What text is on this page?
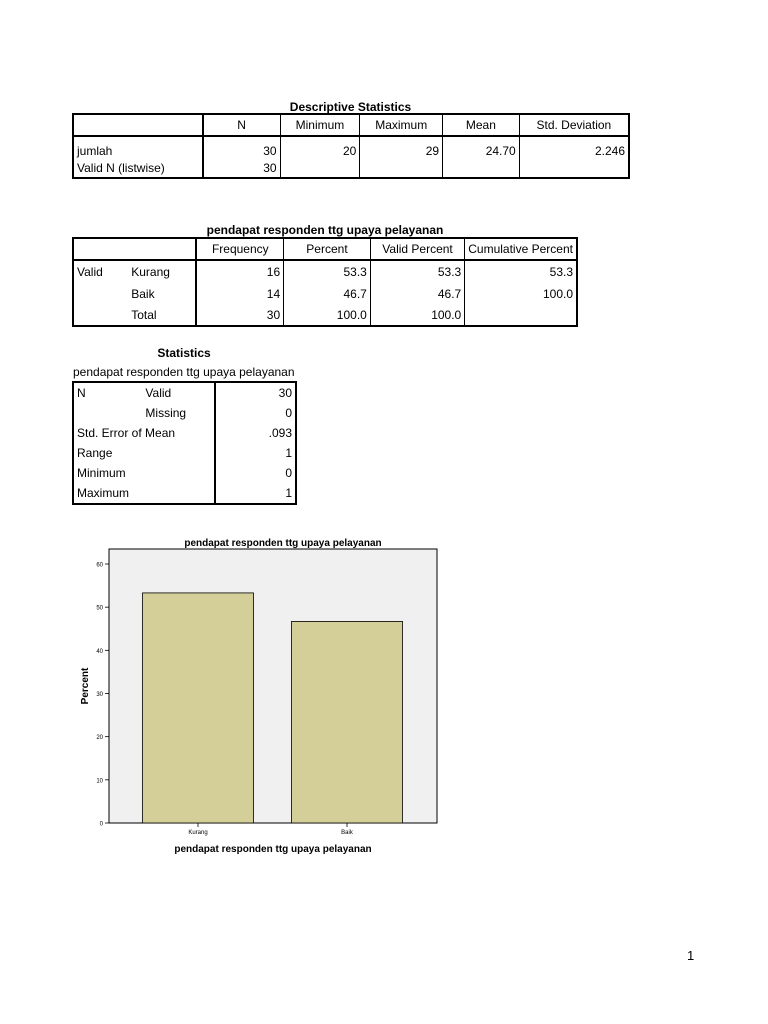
Descriptive Statistics
	N	Minimum	Maximum	Mean	Std. Deviation

jumlah	30	20	29	24.70	2.246
Valid N (listwise)	30				
pendapat responden ttg upaya pelayanan
		Frequency	Percent	Valid Percent	Cumulative Percent
Valid	Kurang	16	53.3	53.3	53.3
	Baik	14	46.7	46.7	100.0
	Total	30	100.0	100.0	
Statistics
pendapat responden ttg upaya pelayanan
N	Valid	30
	Missing	0
Std. Error of Mean		.093
Range		1
Minimum		0
Maximum		1
pendapat responden ttg upaya pelayanan
0
10
20
30
40
50
60
Kurang	Baik
Percent
pendapat responden ttg upaya pelayanan
1
